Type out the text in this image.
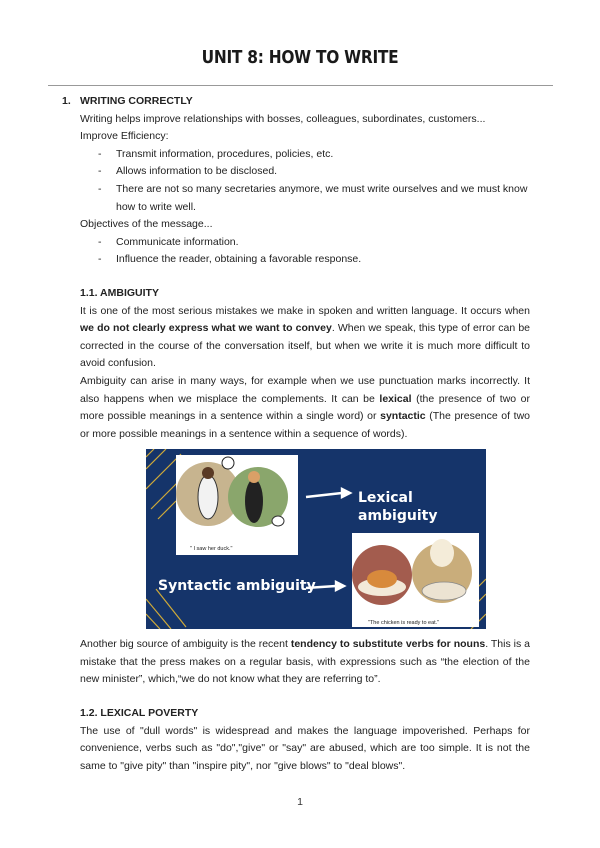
UNIT 8: HOW TO WRITE
1. WRITING CORRECTLY
Writing helps improve relationships with bosses, colleagues, subordinates, customers...
Improve Efficiency:
- Transmit information, procedures, policies, etc.
- Allows information to be disclosed.
- There are not so many secretaries anymore, we must write ourselves and we must know
how to write well.
Objectives of the message...
- Communicate information.
- Influence the reader, obtaining a favorable response.
1.1. AMBIGUITY
It is one of the most serious mistakes we make in spoken and written language. It occurs when we do not clearly express what we want to convey. When we speak, this type of error can be corrected in the course of the conversation itself, but when we write it is much more difficult to avoid confusion.
Ambiguity can arise in many ways, for example when we use punctuation marks incorrectly. It also happens when we misplace the complements. It can be lexical (the presence of two or more possible meanings in a sentence within a single word) or syntactic (The presence of two or more possible meanings in a sentence within a sequence of words).
Lexical ambiguity
Syntactic ambiguity
" I saw her duck."
"The chicken is ready to eat."
Another big source of ambiguity is the recent tendency to substitute verbs for nouns. This is a mistake that the press makes on a regular basis, with expressions such as “the election of the new minister”, which,“we do not know what they are referring to”.
1.2. LEXICAL POVERTY
The use of "dull words" is widespread and makes the language impoverished. Perhaps for convenience, verbs such as "do","give" or "say" are abused, which are too simple. It is not the same to "give pity" than "inspire pity", nor "give blows" to "deal blows".
1
